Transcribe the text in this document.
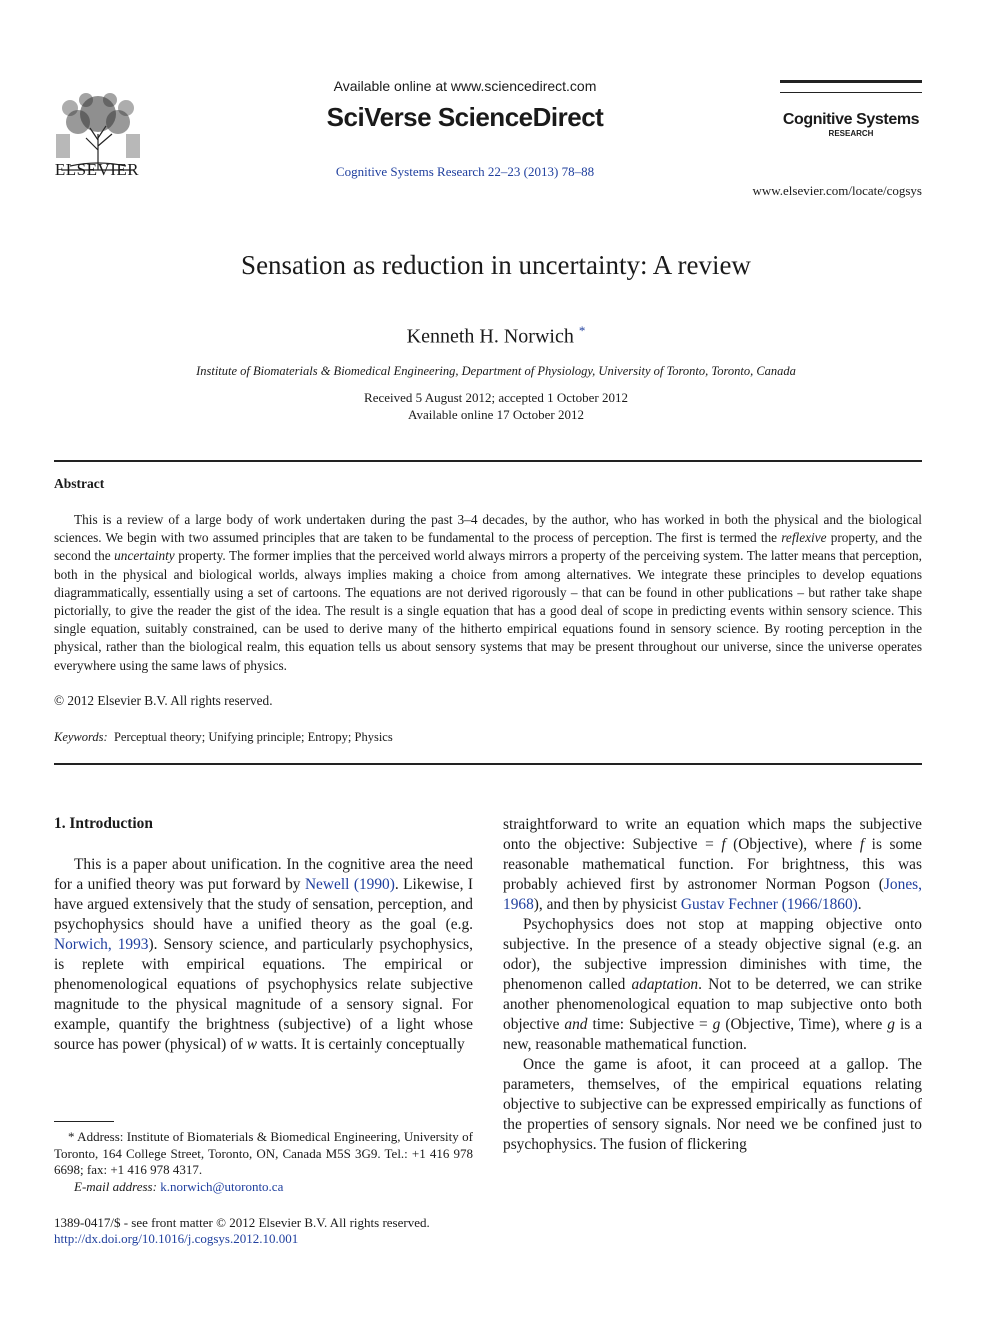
ELSEVIER
Available online at www.sciencedirect.com
SciVerse ScienceDirect
Cognitive Systems Research 22–23 (2013) 78–88
Cognitive Systems
RESEARCH
www.elsevier.com/locate/cogsys
Sensation as reduction in uncertainty: A review
Kenneth H. Norwich *
Institute of Biomaterials & Biomedical Engineering, Department of Physiology, University of Toronto, Toronto, Canada
Received 5 August 2012; accepted 1 October 2012
Available online 17 October 2012
Abstract

This is a review of a large body of work undertaken during the past 3–4 decades, by the author, who has worked in both the physical and the biological sciences. We begin with two assumed principles that are taken to be fundamental to the process of perception. The first is termed the reflexive property, and the second the uncertainty property. The former implies that the perceived world always mirrors a property of the perceiving system. The latter means that perception, both in the physical and biological worlds, always implies making a choice from among alternatives. We integrate these principles to develop equations diagrammatically, essentially using a set of cartoons. The equations are not derived rigorously – that can be found in other publications – but rather take shape pictorially, to give the reader the gist of the idea. The result is a single equation that has a good deal of scope in predicting events within sensory science. This single equation, suitably constrained, can be used to derive many of the hitherto empirical equations found in sensory science. By rooting perception in the physical, rather than the biological realm, this equation tells us about sensory systems that may be present throughout our universe, since the universe operates everywhere using the same laws of physics.

© 2012 Elsevier B.V. All rights reserved.
Keywords: Perceptual theory; Unifying principle; Entropy; Physics
1. Introduction

This is a paper about unification. In the cognitive area the need for a unified theory was put forward by Newell (1990). Likewise, I have argued extensively that the study of sensation, perception, and psychophysics should have a unified theory as the goal (e.g. Norwich, 1993). Sensory science, and particularly psychophysics, is replete with empirical equations. The empirical or phenomenological equations of psychophysics relate subjective magnitude to the physical magnitude of a sensory signal. For example, quantify the brightness (subjective) of a light whose source has power (physical) of w watts. It is certainly conceptually

straightforward to write an equation which maps the subjective onto the objective: Subjective = f (Objective), where f is some reasonable mathematical function. For brightness, this was probably achieved first by astronomer Norman Pogson (Jones, 1968), and then by physicist Gustav Fechner (1966/1860).

Psychophysics does not stop at mapping objective onto subjective. In the presence of a steady objective signal (e.g. an odor), the subjective impression diminishes with time, the phenomenon called adaptation. Not to be deterred, we can strike another phenomenological equation to map subjective onto both objective and time: Subjective = g (Objective, Time), where g is a new, reasonable mathematical function.

Once the game is afoot, it can proceed at a gallop. The parameters, themselves, of the empirical equations relating objective to subjective can be expressed empirically as functions of the properties of sensory signals. Nor need we be confined just to psychophysics. The fusion of flickering

* Address: Institute of Biomaterials & Biomedical Engineering, University of Toronto, 164 College Street, Toronto, ON, Canada M5S 3G9. Tel.: +1 416 978 6698; fax: +1 416 978 4317.
E-mail address: k.norwich@utoronto.ca
1389-0417/$ - see front matter © 2012 Elsevier B.V. All rights reserved.
http://dx.doi.org/10.1016/j.cogsys.2012.10.001
